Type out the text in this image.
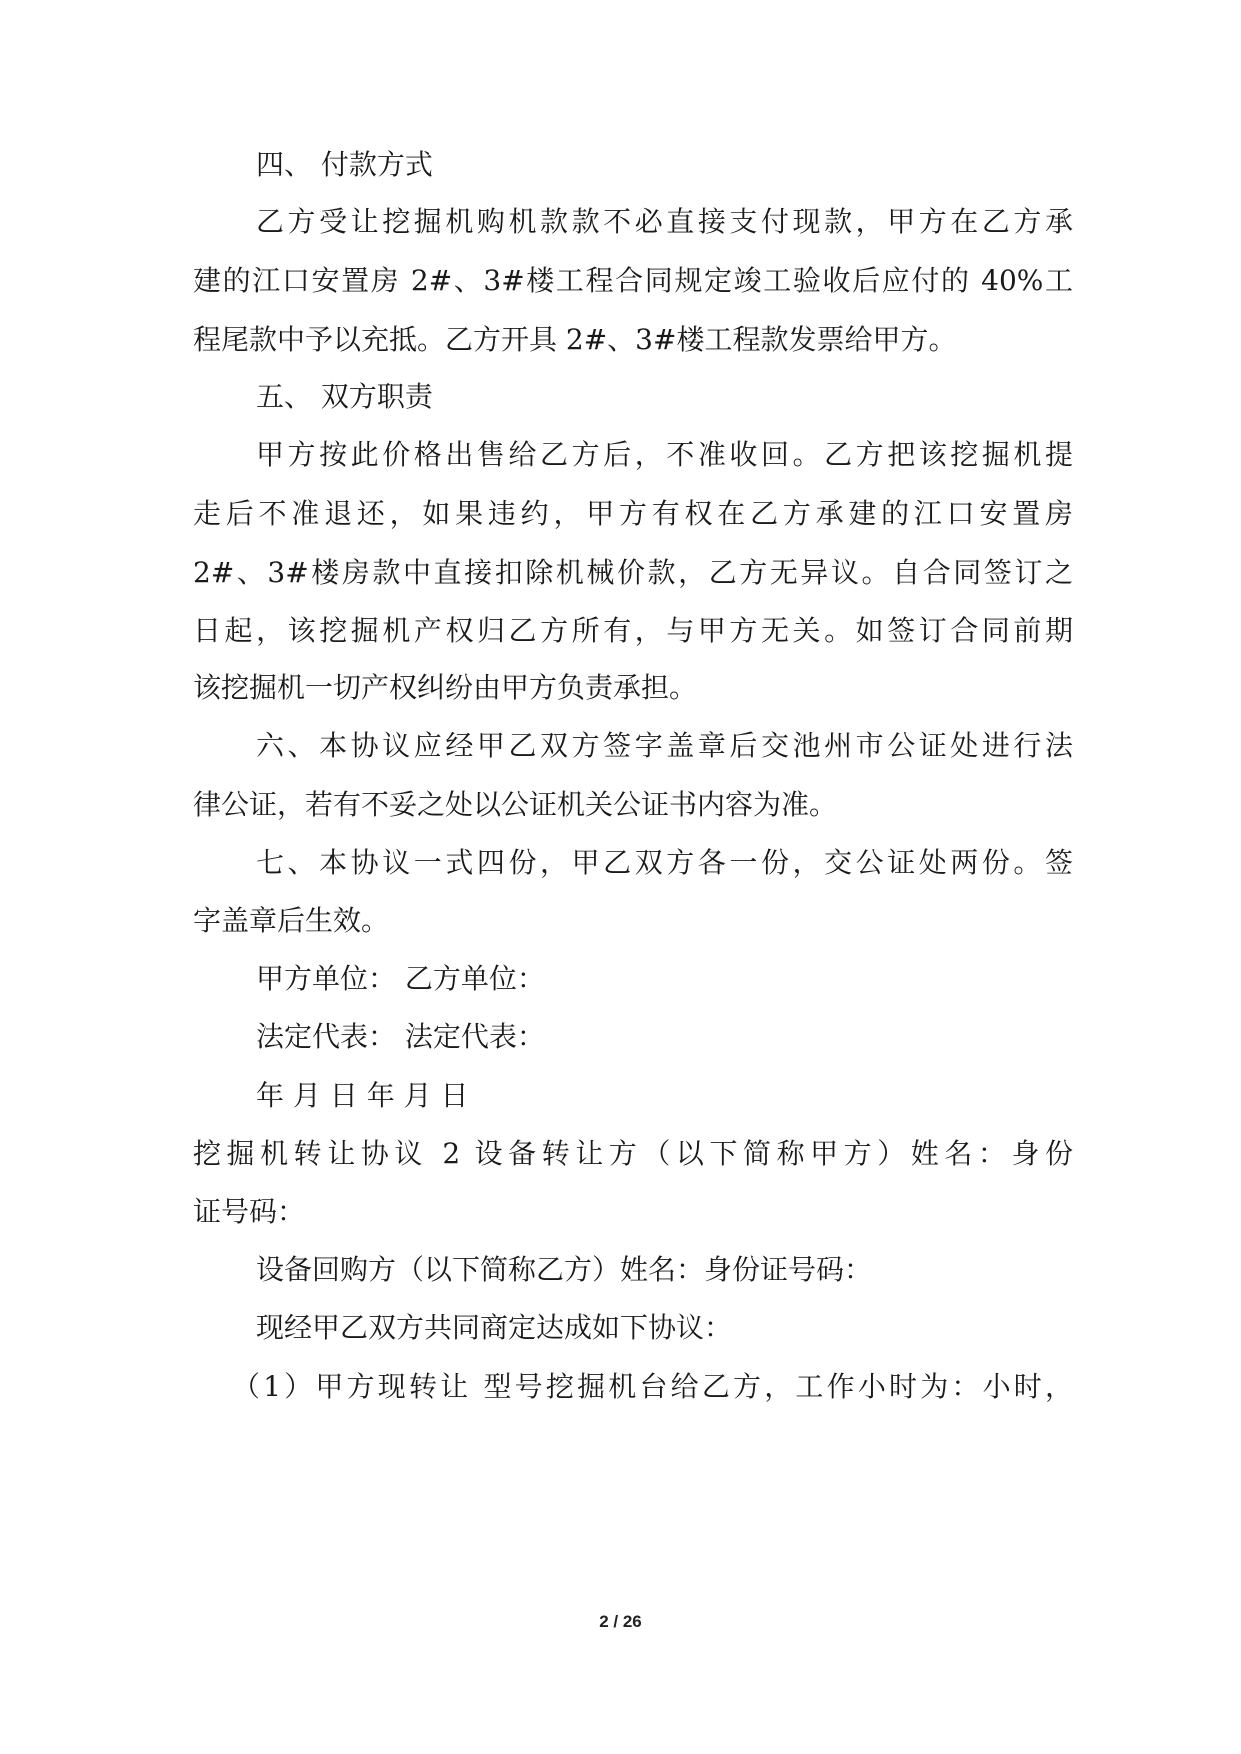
四、 付款方式
乙方受让挖掘机购机款款不必直接支付现款，甲方在乙方承
建的江口安置房 2#、3#楼工程合同规定竣工验收后应付的 40%工
程尾款中予以充抵。乙方开具 2#、3#楼工程款发票给甲方。
五、 双方职责
甲方按此价格出售给乙方后，不准收回。乙方把该挖掘机提
走后不准退还，如果违约，甲方有权在乙方承建的江口安置房
2#、3#楼房款中直接扣除机械价款，乙方无异议。自合同签订之
日起，该挖掘机产权归乙方所有，与甲方无关。如签订合同前期
该挖掘机一切产权纠纷由甲方负责承担。
六、本协议应经甲乙双方签字盖章后交池州市公证处进行法
律公证，若有不妥之处以公证机关公证书内容为准。
七、本协议一式四份，甲乙双方各一份，交公证处两份。签
字盖章后生效。
甲方单位： 乙方单位：
法定代表： 法定代表：
年 月 日 年 月 日
挖掘机转让协议 2 设备转让方（以下简称甲方）姓名：身份
证号码：
设备回购方（以下简称乙方）姓名：身份证号码：
现经甲乙双方共同商定达成如下协议：
（1）甲方现转让 型号挖掘机台给乙方，工作小时为：小时，
2 / 26
